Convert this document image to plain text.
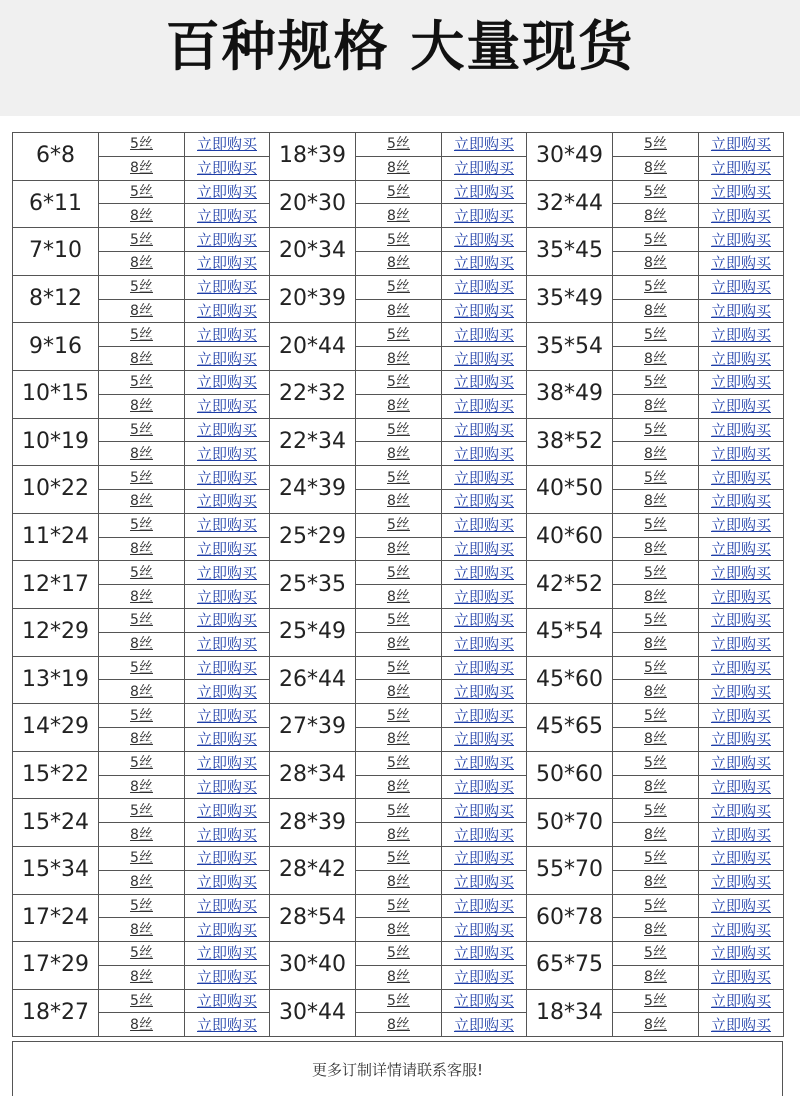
百种规格 大量现货
6*8	5丝	立即购买	18*39	5丝	立即购买	30*49	5丝	立即购买
	8丝	立即购买		8丝	立即购买		8丝	立即购买
6*11	5丝	立即购买	20*30	5丝	立即购买	32*44	5丝	立即购买
	8丝	立即购买		8丝	立即购买		8丝	立即购买
7*10	5丝	立即购买	20*34	5丝	立即购买	35*45	5丝	立即购买
	8丝	立即购买		8丝	立即购买		8丝	立即购买
8*12	5丝	立即购买	20*39	5丝	立即购买	35*49	5丝	立即购买
	8丝	立即购买		8丝	立即购买		8丝	立即购买
9*16	5丝	立即购买	20*44	5丝	立即购买	35*54	5丝	立即购买
	8丝	立即购买		8丝	立即购买		8丝	立即购买
10*15	5丝	立即购买	22*32	5丝	立即购买	38*49	5丝	立即购买
	8丝	立即购买		8丝	立即购买		8丝	立即购买
10*19	5丝	立即购买	22*34	5丝	立即购买	38*52	5丝	立即购买
	8丝	立即购买		8丝	立即购买		8丝	立即购买
10*22	5丝	立即购买	24*39	5丝	立即购买	40*50	5丝	立即购买
	8丝	立即购买		8丝	立即购买		8丝	立即购买
11*24	5丝	立即购买	25*29	5丝	立即购买	40*60	5丝	立即购买
	8丝	立即购买		8丝	立即购买		8丝	立即购买
12*17	5丝	立即购买	25*35	5丝	立即购买	42*52	5丝	立即购买
	8丝	立即购买		8丝	立即购买		8丝	立即购买
12*29	5丝	立即购买	25*49	5丝	立即购买	45*54	5丝	立即购买
	8丝	立即购买		8丝	立即购买		8丝	立即购买
13*19	5丝	立即购买	26*44	5丝	立即购买	45*60	5丝	立即购买
	8丝	立即购买		8丝	立即购买		8丝	立即购买
14*29	5丝	立即购买	27*39	5丝	立即购买	45*65	5丝	立即购买
	8丝	立即购买		8丝	立即购买		8丝	立即购买
15*22	5丝	立即购买	28*34	5丝	立即购买	50*60	5丝	立即购买
	8丝	立即购买		8丝	立即购买		8丝	立即购买
15*24	5丝	立即购买	28*39	5丝	立即购买	50*70	5丝	立即购买
	8丝	立即购买		8丝	立即购买		8丝	立即购买
15*34	5丝	立即购买	28*42	5丝	立即购买	55*70	5丝	立即购买
	8丝	立即购买		8丝	立即购买		8丝	立即购买
17*24	5丝	立即购买	28*54	5丝	立即购买	60*78	5丝	立即购买
	8丝	立即购买		8丝	立即购买		8丝	立即购买
17*29	5丝	立即购买	30*40	5丝	立即购买	65*75	5丝	立即购买
	8丝	立即购买		8丝	立即购买		8丝	立即购买
18*27	5丝	立即购买	30*44	5丝	立即购买	18*34	5丝	立即购买
	8丝	立即购买		8丝	立即购买		8丝	立即购买
更多订制详情请联系客服!
